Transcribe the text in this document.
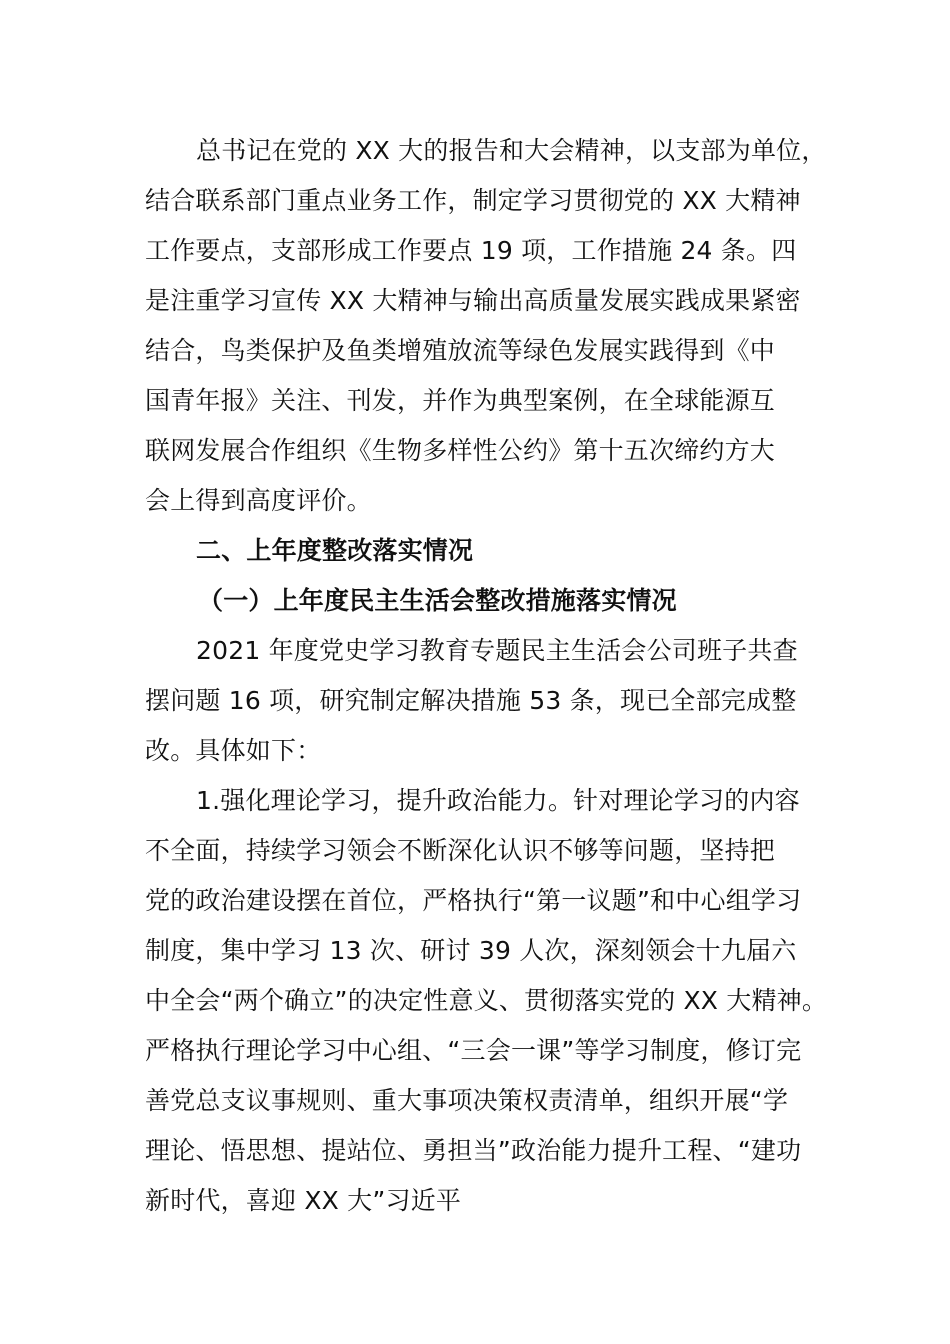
总书记在党的 XX 大的报告和大会精神，以支部为单位，
结合联系部门重点业务工作，制定学习贯彻党的 XX 大精神
工作要点，支部形成工作要点 19 项，工作措施 24 条。四
是注重学习宣传 XX 大精神与输出高质量发展实践成果紧密
结合，鸟类保护及鱼类增殖放流等绿色发展实践得到《中
国青年报》关注、刊发，并作为典型案例，在全球能源互
联网发展合作组织《生物多样性公约》第十五次缔约方大
会上得到高度评价。
二、上年度整改落实情况
（一）上年度民主生活会整改措施落实情况
2021 年度党史学习教育专题民主生活会公司班子共查
摆问题 16 项，研究制定解决措施 53 条，现已全部完成整
改。具体如下：
1.强化理论学习，提升政治能力。针对理论学习的内容
不全面，持续学习领会不断深化认识不够等问题，坚持把
党的政治建设摆在首位，严格执行“第一议题”和中心组学习
制度，集中学习 13 次、研讨 39 人次，深刻领会十九届六
中全会“两个确立”的决定性意义、贯彻落实党的 XX 大精神。
严格执行理论学习中心组、“三会一课”等学习制度，修订完
善党总支议事规则、重大事项决策权责清单，组织开展“学
理论、悟思想、提站位、勇担当”政治能力提升工程、“建功
新时代，喜迎 XX 大”习近平
